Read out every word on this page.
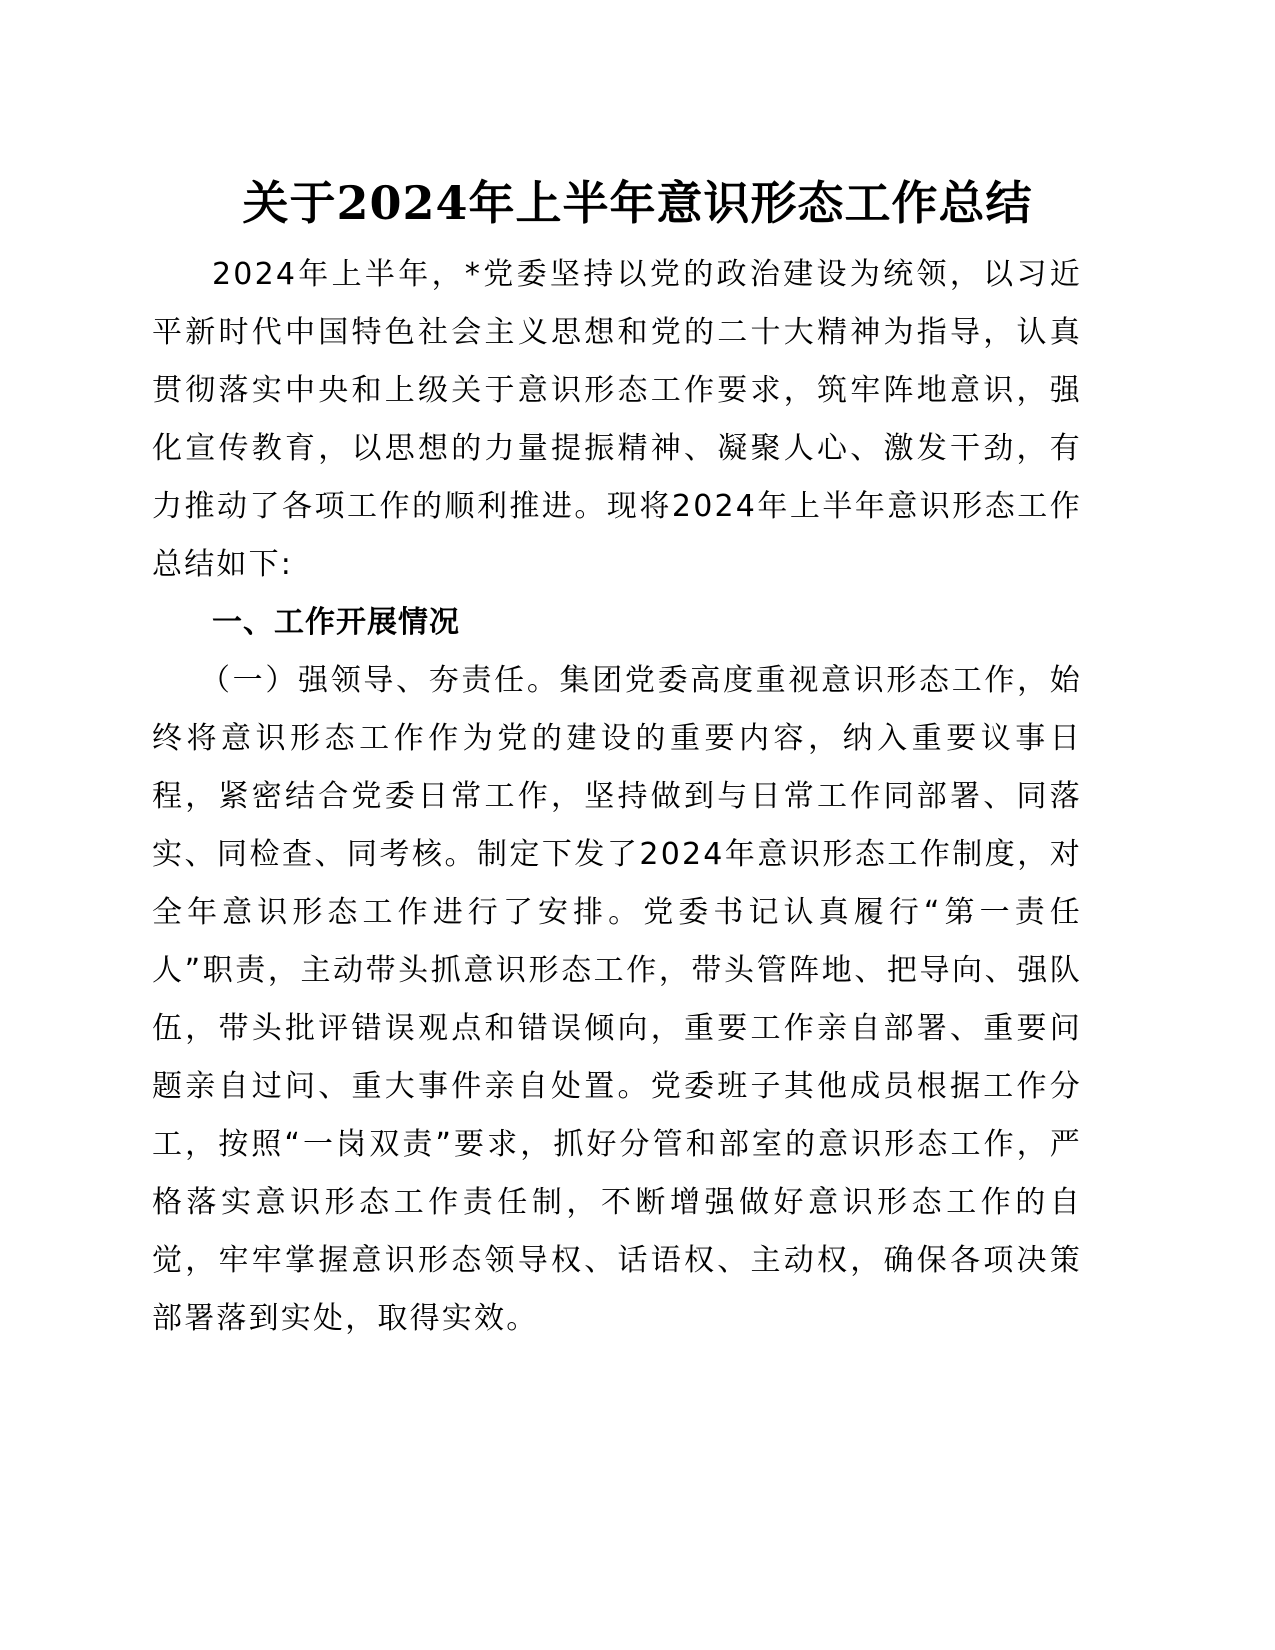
关于2024年上半年意识形态工作总结

2024年上半年，*党委坚持以党的政治建设为统领，以习近平新时代中国特色社会主义思想和党的二十大精神为指导，认真贯彻落实中央和上级关于意识形态工作要求，筑牢阵地意识，强化宣传教育，以思想的力量提振精神、凝聚人心、激发干劲，有力推动了各项工作的顺利推进。现将2024年上半年意识形态工作总结如下:

一、工作开展情况

（一）强领导、夯责任。集团党委高度重视意识形态工作，始终将意识形态工作作为党的建设的重要内容，纳入重要议事日程，紧密结合党委日常工作，坚持做到与日常工作同部署、同落实、同检查、同考核。制定下发了2024年意识形态工作制度，对全年意识形态工作进行了安排。党委书记认真履行“第一责任人”职责，主动带头抓意识形态工作，带头管阵地、把导向、强队伍，带头批评错误观点和错误倾向，重要工作亲自部署、重要问题亲自过问、重大事件亲自处置。党委班子其他成员根据工作分工，按照“一岗双责”要求，抓好分管和部室的意识形态工作，严格落实意识形态工作责任制，不断增强做好意识形态工作的自觉，牢牢掌握意识形态领导权、话语权、主动权，确保各项决策部署落到实处，取得实效。
